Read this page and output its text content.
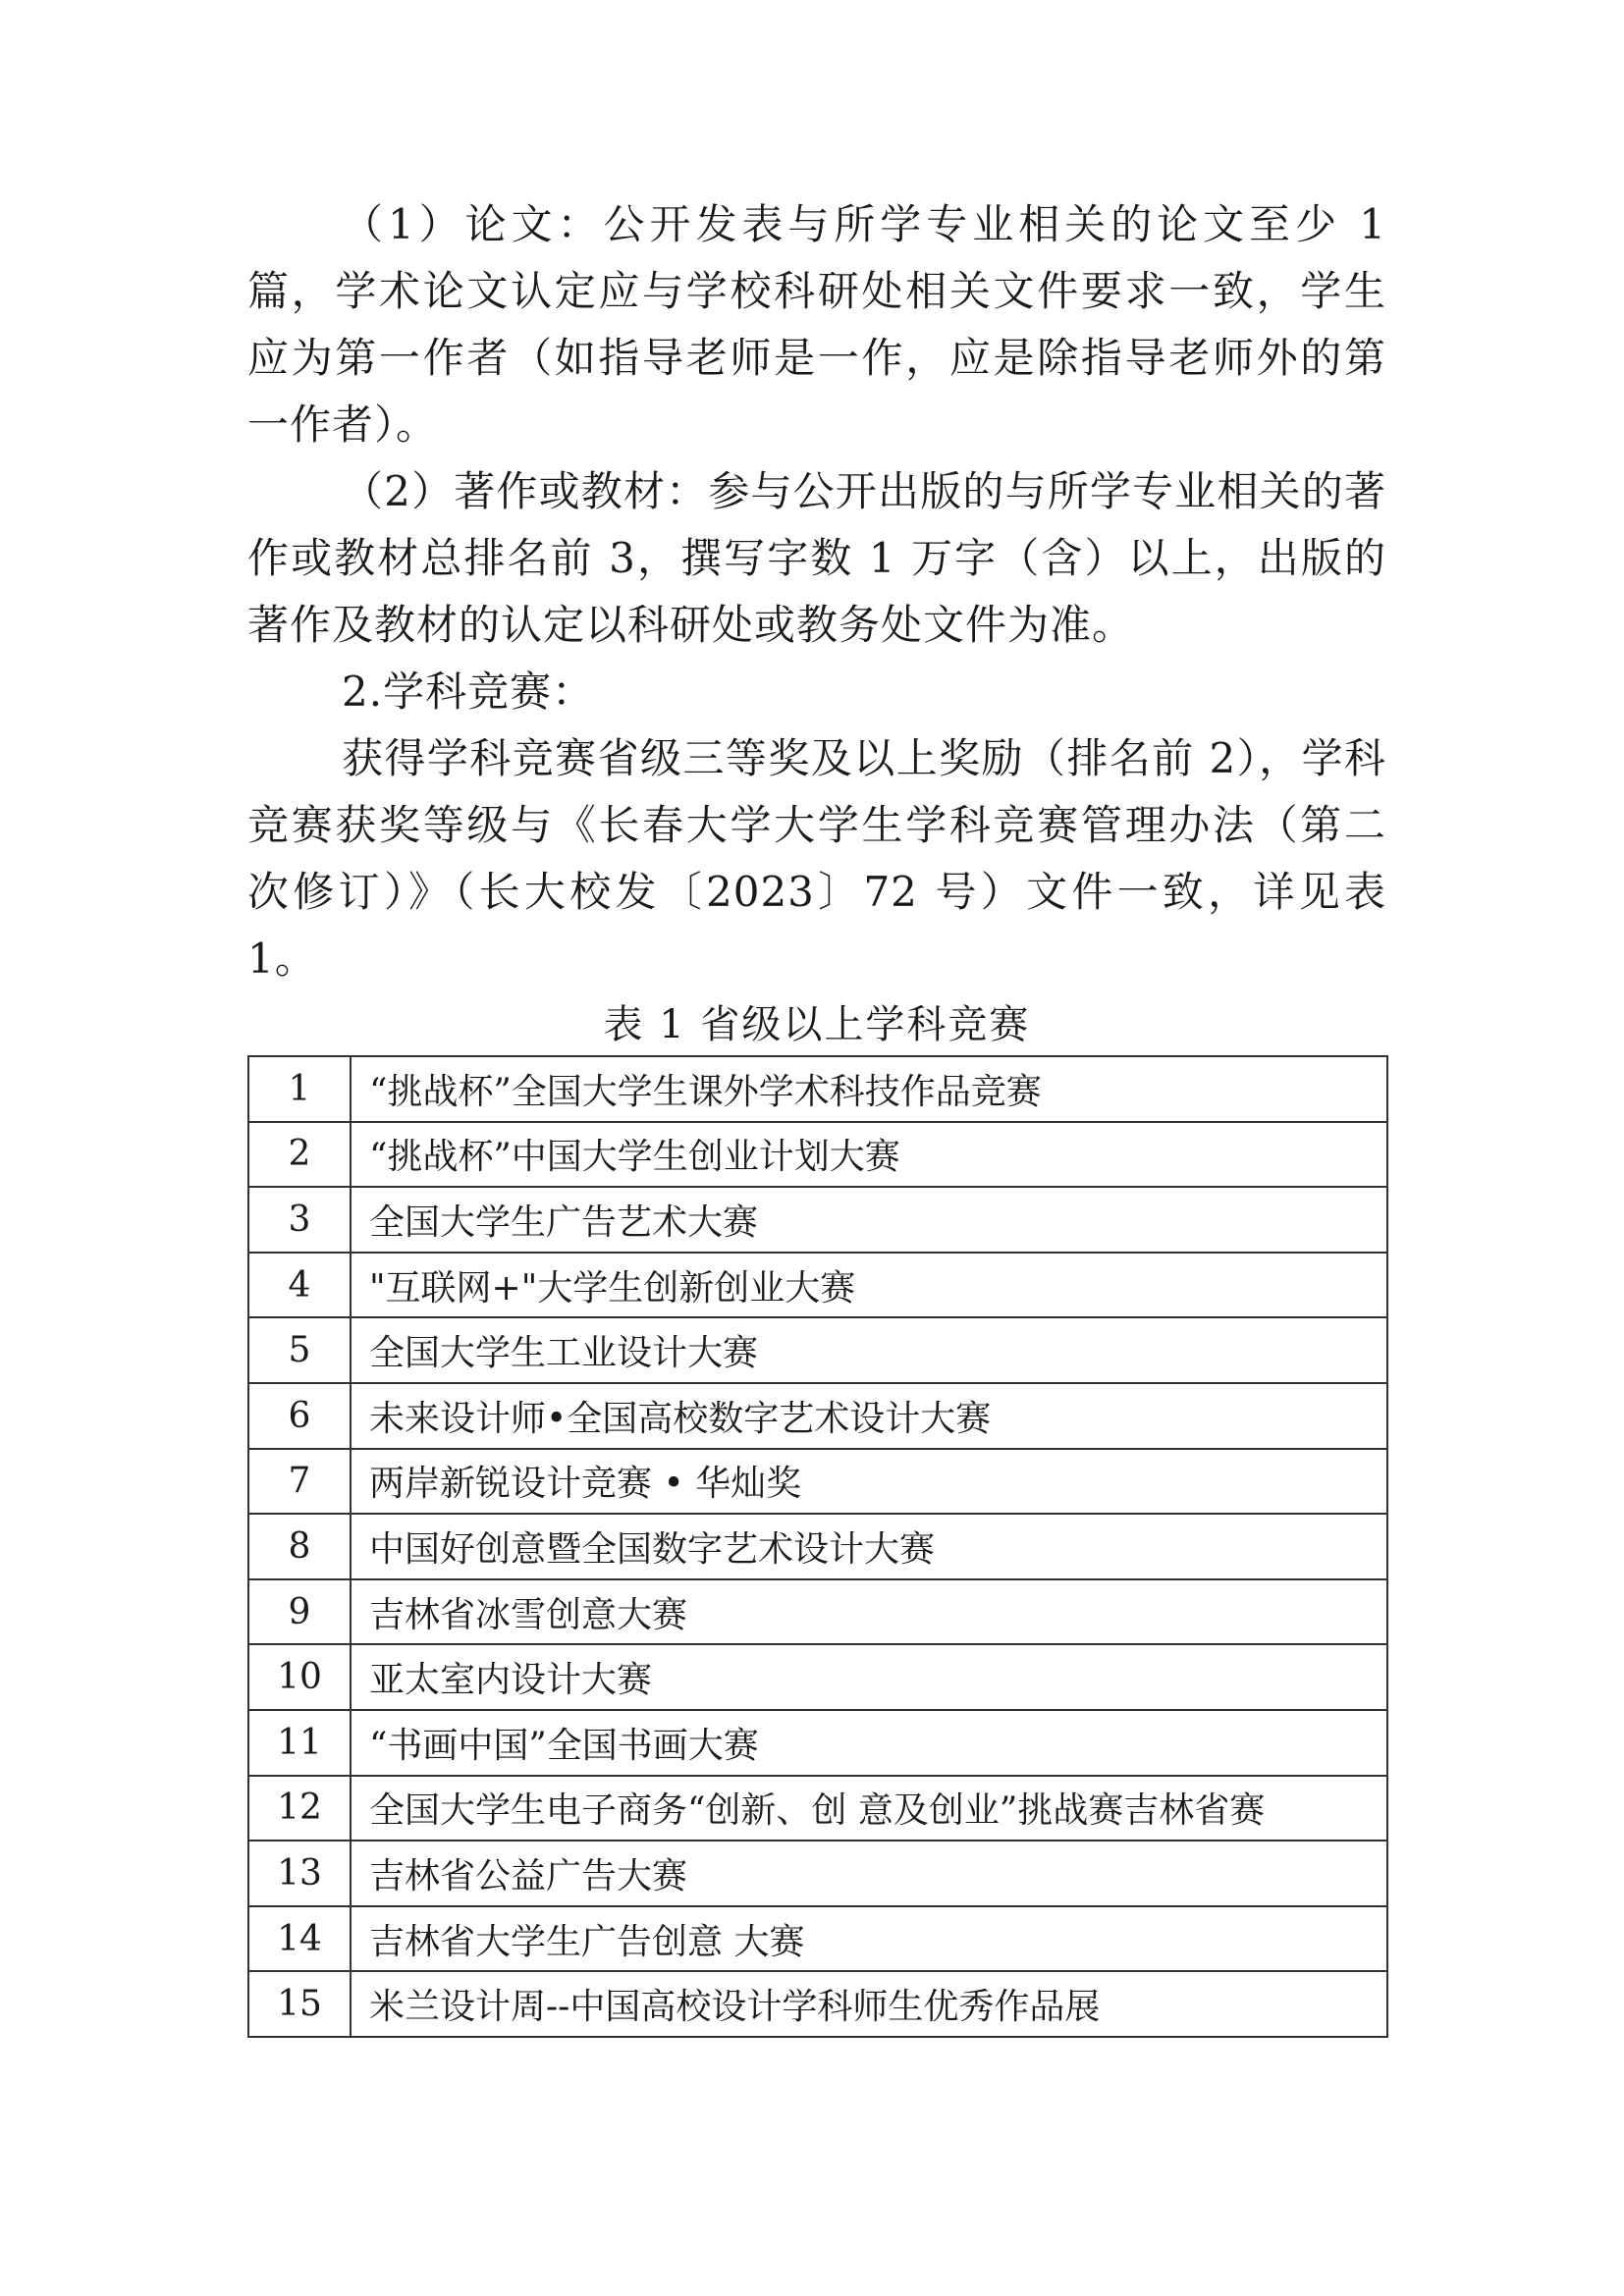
（1）论文：公开发表与所学专业相关的论文至少 1 篇，学术论文认定应与学校科研处相关文件要求一致，学生应为第一作者（如指导老师是一作，应是除指导老师外的第一作者）。

（2）著作或教材：参与公开出版的与所学专业相关的著作或教材总排名前 3，撰写字数 1 万字（含）以上，出版的著作及教材的认定以科研处或教务处文件为准。

2.学科竞赛：

获得学科竞赛省级三等奖及以上奖励（排名前 2），学科竞赛获奖等级与《长春大学大学生学科竞赛管理办法（第二次修订）》（长大校发〔2023〕72 号）文件一致，详见表 1。

表 1 省级以上学科竞赛
1	“挑战杯”全国大学生课外学术科技作品竞赛
2	“挑战杯”中国大学生创业计划大赛
3	全国大学生广告艺术大赛
4	"互联网+"大学生创新创业大赛
5	全国大学生工业设计大赛
6	未来设计师•全国高校数字艺术设计大赛
7	两岸新锐设计竞赛 • 华灿奖
8	中国好创意暨全国数字艺术设计大赛
9	吉林省冰雪创意大赛
10	亚太室内设计大赛
11	“书画中国”全国书画大赛
12	全国大学生电子商务“创新、创 意及创业”挑战赛吉林省赛
13	吉林省公益广告大赛
14	吉林省大学生广告创意 大赛
15	米兰设计周--中国高校设计学科师生优秀作品展
